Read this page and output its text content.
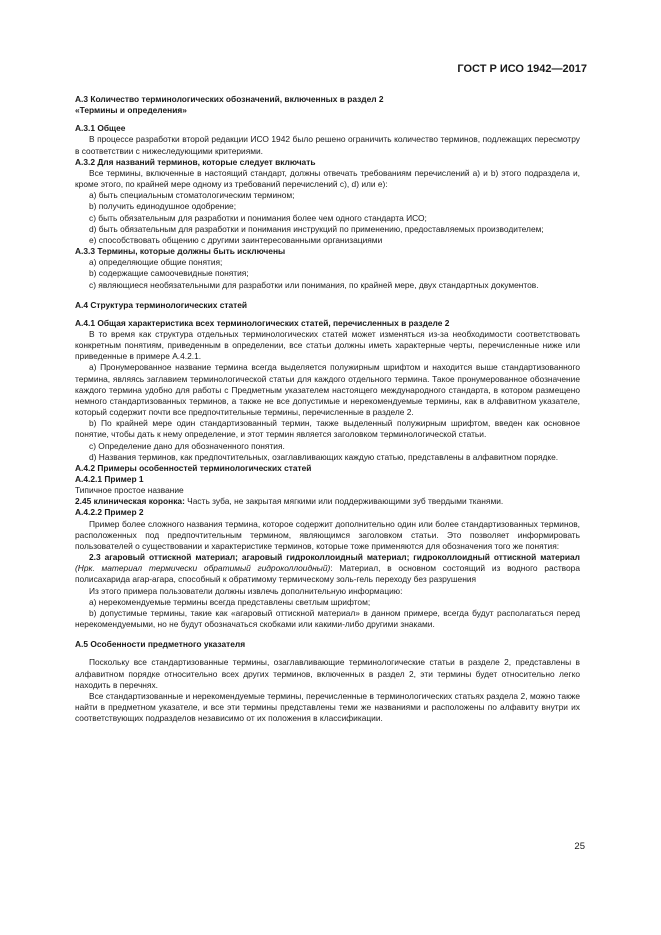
ГОСТ Р ИСО 1942—2017

А.3 Количество терминологических обозначений, включенных в раздел 2

«Термины и определения»

А.3.1 Общее

В процессе разработки второй редакции ИСО 1942 было решено ограничить количество терминов, подлежащих пересмотру в соответствии с нижеследующими критериями.

А.3.2 Для названий терминов, которые следует включать

Все термины, включенные в настоящий стандарт, должны отвечать требованиям перечислений а) и b) этого подраздела и, кроме этого, по крайней мере одному из требований перечислений с), d) или е):

а) быть специальным стоматологическим термином;

b) получить единодушное одобрение;

с) быть обязательным для разработки и понимания более чем одного стандарта ИСО;

d) быть обязательным для разработки и понимания инструкций по применению, предоставляемых производителем;

е) способствовать общению с другими заинтересованными организациями

А.3.3 Термины, которые должны быть исключены

а) определяющие общие понятия;

b) содержащие самоочевидные понятия;

с) являющиеся необязательными для разработки или понимания, по крайней мере, двух стандартных документов.

А.4 Структура терминологических статей

А.4.1 Общая характеристика всех терминологических статей, перечисленных в разделе 2

В то время как структура отдельных терминологических статей может изменяться из-за необходимости соответствовать конкретным понятиям, приведенным в определении, все статьи должны иметь характерные черты, перечисленные ниже или приведенные в примере А.4.2.1.

а) Пронумерованное название термина всегда выделяется полужирным шрифтом и находится выше стандартизованного термина, являясь заглавием терминологической статьи для каждого отдельного термина. Такое пронумерованное обозначение каждого термина удобно для работы с Предметным указателем настоящего международного стандарта, в котором размещено немного стандартизованных терминов, а также не все допустимые и нерекомендуемые термины, как в алфавитном указателе, который содержит почти все предпочтительные термины, перечисленные в разделе 2.

b) По крайней мере один стандартизованный термин, также выделенный полужирным шрифтом, введен как основное понятие, чтобы дать к нему определение, и этот термин является заголовком терминологической статьи.

с) Определение дано для обозначенного понятия.

d) Названия терминов, как предпочтительных, озаглавливающих каждую статью, представлены в алфавитном порядке.

А.4.2 Примеры особенностей терминологических статей

А.4.2.1 Пример 1

Типичное простое название

2.45 клиническая коронка: Часть зуба, не закрытая мягкими или поддерживающими зуб твердыми тканями.

А.4.2.2 Пример 2

Пример более сложного названия термина, которое содержит дополнительно один или более стандартизованных терминов, расположенных под предпочтительным термином, являющимся заголовком статьи. Это позволяет информировать пользователей о существовании и характеристике терминов, которые тоже применяются для обозначения того же понятия:

2.3 агаровый оттискной материал; агаровый гидроколлоидный материал; гидроколлоидный оттискной материал (Нрк. материал термически обратимый гидроколлоидный): Материал, в основном состоящий из водного раствора полисахарида агар-агара, способный к обратимому термическому золь-гель переходу без разрушения

Из этого примера пользователи должны извлечь дополнительную информацию:

а) нерекомендуемые термины всегда представлены светлым шрифтом;

b) допустимые термины, такие как «агаровый оттискной материал» в данном примере, всегда будут располагаться перед нерекомендуемыми, но не будут обозначаться скобками или какими-либо другими знаками.

А.5 Особенности предметного указателя

Поскольку все стандартизованные термины, озаглавливающие терминологические статьи в разделе 2, представлены в алфавитном порядке относительно всех других терминов, включенных в раздел 2, эти термины будет относительно легко находить в перечнях.

Все стандартизованные и нерекомендуемые термины, перечисленные в терминологических статьях раздела 2, можно также найти в предметном указателе, и все эти термины представлены теми же названиями и расположены по алфавиту внутри их соответствующих подразделов независимо от их положения в классификации.

25
